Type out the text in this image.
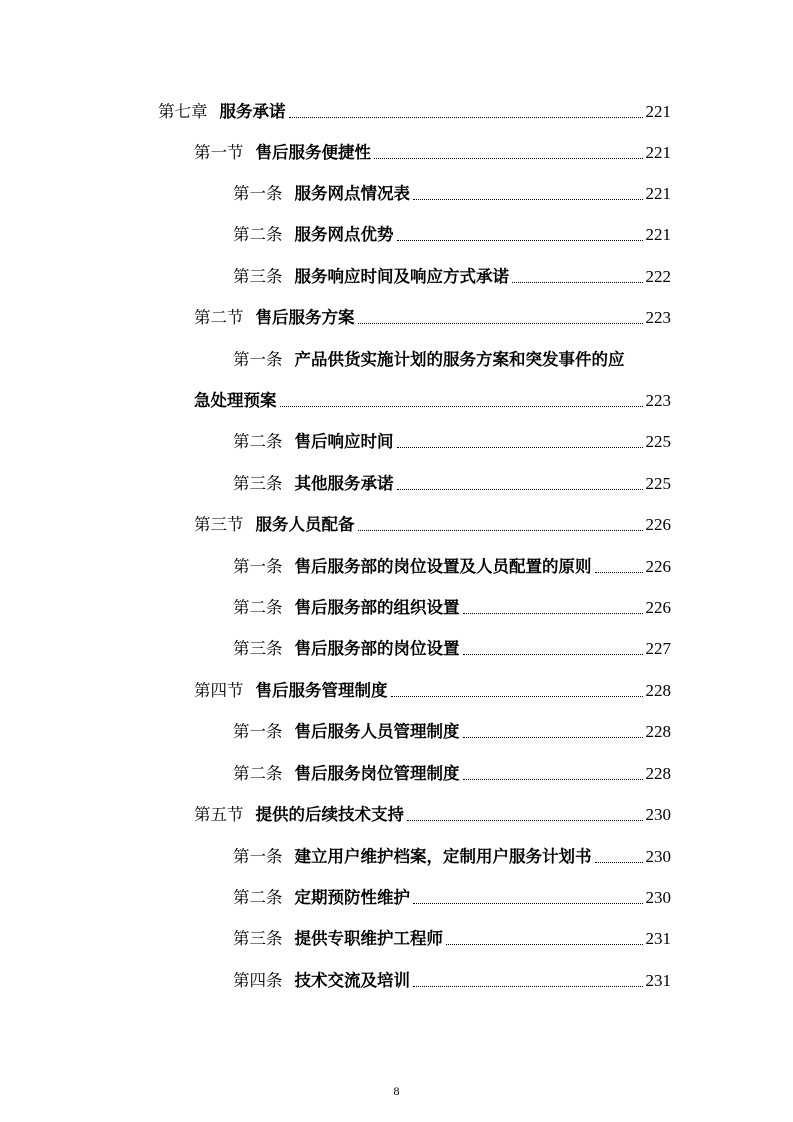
第七章 服务承诺	221
第一节 售后服务便捷性	221
第一条 服务网点情况表	221
第二条 服务网点优势	221
第三条 服务响应时间及响应方式承诺	222
第二节 售后服务方案	223
第一条 产品供货实施计划的服务方案和突发事件的应
急处理预案	223
第二条 售后响应时间	225
第三条 其他服务承诺	225
第三节 服务人员配备	226
第一条 售后服务部的岗位设置及人员配置的原则	226
第二条 售后服务部的组织设置	226
第三条 售后服务部的岗位设置	227
第四节 售后服务管理制度	228
第一条 售后服务人员管理制度	228
第二条 售后服务岗位管理制度	228
第五节 提供的后续技术支持	230
第一条 建立用户维护档案，定制用户服务计划书	230
第二条 定期预防性维护	230
第三条 提供专职维护工程师	231
第四条 技术交流及培训	231
8
